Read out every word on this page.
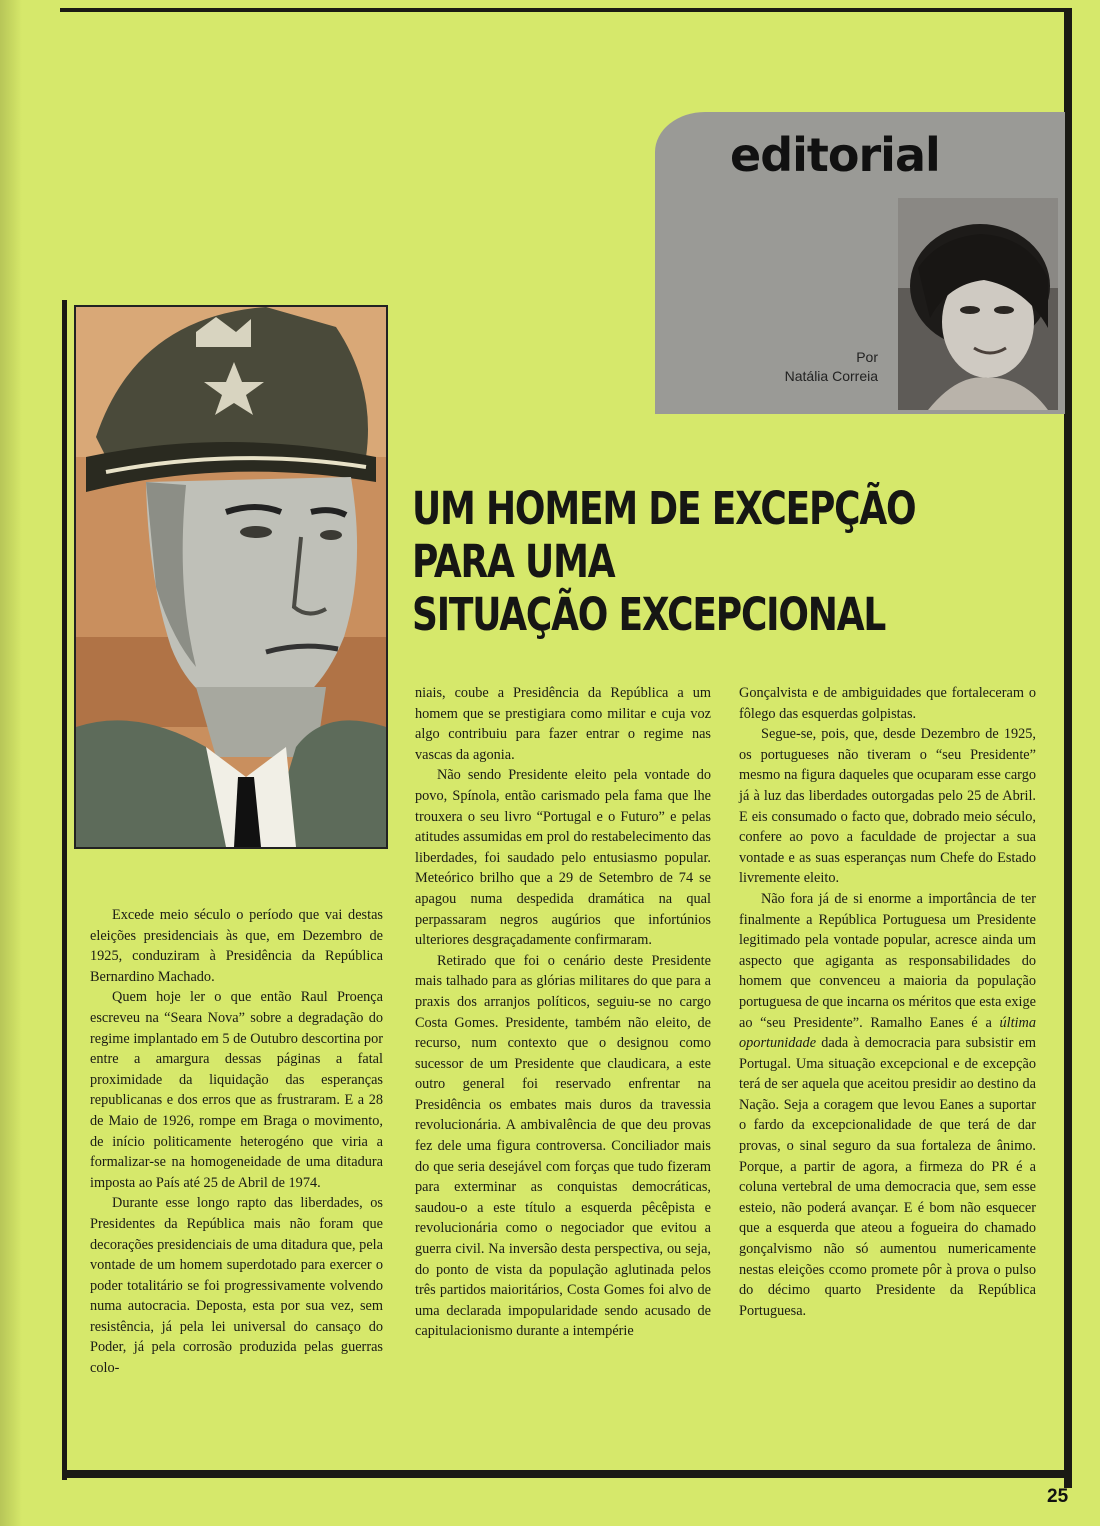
editorial
Por
Natália Correia
UM HOMEM DE EXCEPÇÃO
PARA UMA
SITUAÇÃO EXCEPCIONAL

Excede meio século o período que vai destas eleições presidenciais às que, em Dezembro de 1925, conduziram à Presidência da República Bernardino Machado.

Quem hoje ler o que então Raul Proença escreveu na “Seara Nova” sobre a degradação do regime implantado em 5 de Outubro descortina por entre a amargura dessas páginas a fatal proximidade da liquidação das esperanças republicanas e dos erros que as frustraram. E a 28 de Maio de 1926, rompe em Braga o movimento, de início politicamente heterogéno que viria a formalizar-se na homogeneidade de uma ditadura imposta ao País até 25 de Abril de 1974.

Durante esse longo rapto das liberdades, os Presidentes da República mais não foram que decorações presidenciais de uma ditadura que, pela vontade de um homem superdotado para exercer o poder totalitário se foi progressivamente volvendo numa autocracia. Deposta, esta por sua vez, sem resistência, já pela lei universal do cansaço do Poder, já pela corrosão produzida pelas guerras colo-

niais, coube a Presidência da República a um homem que se prestigiara como militar e cuja voz algo contribuiu para fazer entrar o regime nas vascas da agonia.

Não sendo Presidente eleito pela vontade do povo, Spínola, então carismado pela fama que lhe trouxera o seu livro “Portugal e o Futuro” e pelas atitudes assumidas em prol do restabelecimento das liberdades, foi saudado pelo entusiasmo popular. Meteórico brilho que a 29 de Setembro de 74 se apagou numa despedida dramática na qual perpassaram negros augúrios que infortúnios ulteriores desgraçadamente confirmaram.

Retirado que foi o cenário deste Presidente mais talhado para as glórias militares do que para a praxis dos arranjos políticos, seguiu-se no cargo Costa Gomes. Presidente, também não eleito, de recurso, num contexto que o designou como sucessor de um Presidente que claudicara, a este outro general foi reservado enfrentar na Presidência os embates mais duros da travessia revolucionária. A ambivalência de que deu provas fez dele uma figura controversa. Conciliador mais do que seria desejável com forças que tudo fizeram para exterminar as conquistas democráticas, saudou-o a este título a esquerda pêcêpista e revolucionária como o negociador que evitou a guerra civil. Na inversão desta perspectiva, ou seja, do ponto de vista da população aglutinada pelos três partidos maioritários, Costa Gomes foi alvo de uma declarada impopularidade sendo acusado de capitulacionismo durante a intempérie

Gonçalvista e de ambiguidades que fortaleceram o fôlego das esquerdas golpistas.

Segue-se, pois, que, desde Dezembro de 1925, os portugueses não tiveram o “seu Presidente” mesmo na figura daqueles que ocuparam esse cargo já à luz das liberdades outorgadas pelo 25 de Abril. E eis consumado o facto que, dobrado meio século, confere ao povo a faculdade de projectar a sua vontade e as suas esperanças num Chefe do Estado livremente eleito.

Não fora já de si enorme a importância de ter finalmente a República Portuguesa um Presidente legitimado pela vontade popular, acresce ainda um aspecto que agiganta as responsabilidades do homem que convenceu a maioria da população portuguesa de que incarna os méritos que esta exige ao “seu Presidente”. Ramalho Eanes é a última oportunidade dada à democracia para subsistir em Portugal. Uma situação excepcional e de excepção terá de ser aquela que aceitou presidir ao destino da Nação. Seja a coragem que levou Eanes a suportar o fardo da excepcionalidade de que terá de dar provas, o sinal seguro da sua fortaleza de ânimo. Porque, a partir de agora, a firmeza do PR é a coluna vertebral de uma democracia que, sem esse esteio, não poderá avançar. E é bom não esquecer que a esquerda que ateou a fogueira do chamado gonçalvismo não só aumentou numericamente nestas eleições ccomo promete pôr à prova o pulso do décimo quarto Presidente da República Portuguesa.

25
